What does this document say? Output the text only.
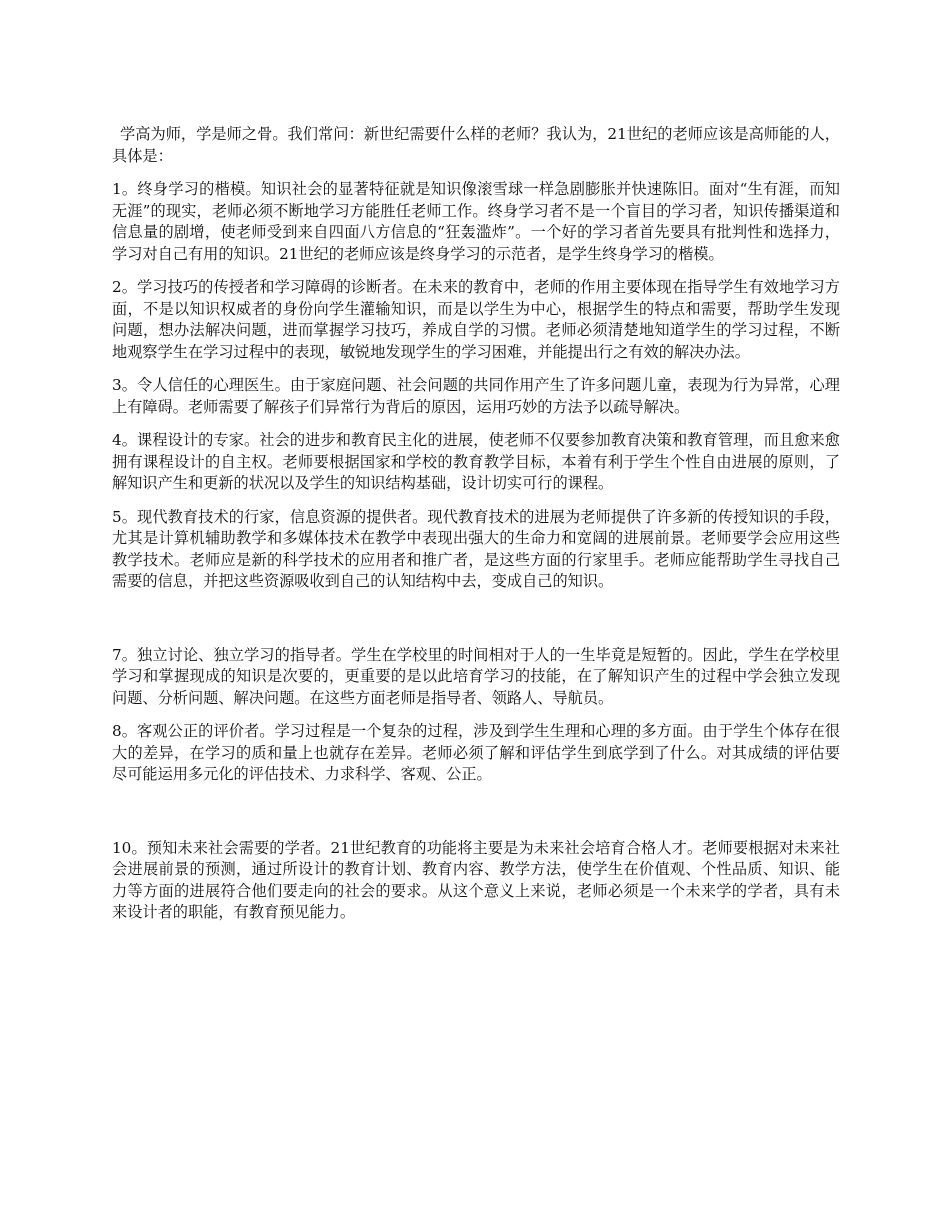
学高为师，学是师之骨。我们常问：新世纪需要什么样的老师？我认为，21世纪的老师应该是高师能的人，具体是：

1。终身学习的楷模。知识社会的显著特征就是知识像滚雪球一样急剧膨胀并快速陈旧。面对“生有涯，而知无涯”的现实，老师必须不断地学习方能胜任老师工作。终身学习者不是一个盲目的学习者，知识传播渠道和信息量的剧增，使老师受到来自四面八方信息的“狂轰滥炸”。一个好的学习者首先要具有批判性和选择力，学习对自己有用的知识。21世纪的老师应该是终身学习的示范者，是学生终身学习的楷模。

2。学习技巧的传授者和学习障碍的诊断者。在未来的教育中，老师的作用主要体现在指导学生有效地学习方面，不是以知识权威者的身份向学生灌输知识，而是以学生为中心，根据学生的特点和需要，帮助学生发现问题，想办法解决问题，进而掌握学习技巧，养成自学的习惯。老师必须清楚地知道学生的学习过程，不断地观察学生在学习过程中的表现，敏锐地发现学生的学习困难，并能提出行之有效的解决办法。

3。令人信任的心理医生。由于家庭问题、社会问题的共同作用产生了许多问题儿童，表现为行为异常，心理上有障碍。老师需要了解孩子们异常行为背后的原因，运用巧妙的方法予以疏导解决。

4。课程设计的专家。社会的进步和教育民主化的进展，使老师不仅要参加教育决策和教育管理，而且愈来愈拥有课程设计的自主权。老师要根据国家和学校的教育教学目标，本着有利于学生个性自由进展的原则，了解知识产生和更新的状况以及学生的知识结构基础，设计切实可行的课程。

5。现代教育技术的行家，信息资源的提供者。现代教育技术的进展为老师提供了许多新的传授知识的手段，尤其是计算机辅助教学和多媒体技术在教学中表现出强大的生命力和宽阔的进展前景。老师要学会应用这些教学技术。老师应是新的科学技术的应用者和推广者，是这些方面的行家里手。老师应能帮助学生寻找自己需要的信息，并把这些资源吸收到自己的认知结构中去，变成自己的知识。

7。独立讨论、独立学习的指导者。学生在学校里的时间相对于人的一生毕竟是短暂的。因此，学生在学校里学习和掌握现成的知识是次要的，更重要的是以此培育学习的技能，在了解知识产生的过程中学会独立发现问题、分析问题、解决问题。在这些方面老师是指导者、领路人、导航员。

8。客观公正的评价者。学习过程是一个复杂的过程，涉及到学生生理和心理的多方面。由于学生个体存在很大的差异，在学习的质和量上也就存在差异。老师必须了解和评估学生到底学到了什么。对其成绩的评估要尽可能运用多元化的评估技术、力求科学、客观、公正。

10。预知未来社会需要的学者。21世纪教育的功能将主要是为未来社会培育合格人才。老师要根据对未来社会进展前景的预测，通过所设计的教育计划、教育内容、教学方法，使学生在价值观、个性品质、知识、能力等方面的进展符合他们要走向的社会的要求。从这个意义上来说，老师必须是一个未来学的学者，具有未来设计者的职能，有教育预见能力。
